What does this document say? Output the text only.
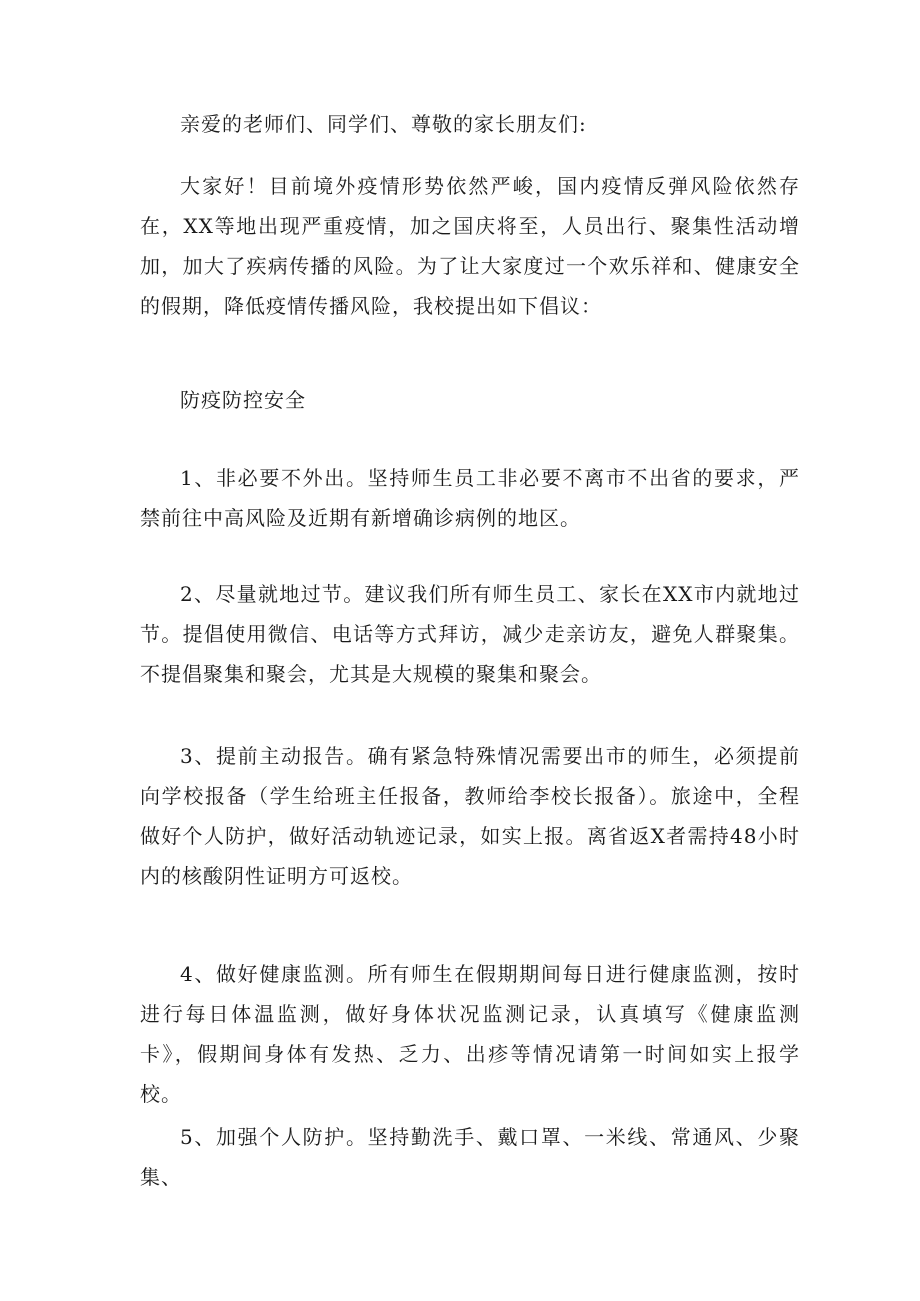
亲爱的老师们、同学们、尊敬的家长朋友们:

大家好！目前境外疫情形势依然严峻，国内疫情反弹风险依然存在，XX等地出现严重疫情，加之国庆将至，人员出行、聚集性活动增加，加大了疾病传播的风险。为了让大家度过一个欢乐祥和、健康安全的假期，降低疫情传播风险，我校提出如下倡议：

防疫防控安全

1、非必要不外出。坚持师生员工非必要不离市不出省的要求，严禁前往中高风险及近期有新增确诊病例的地区。

2、尽量就地过节。建议我们所有师生员工、家长在XX市内就地过节。提倡使用微信、电话等方式拜访，减少走亲访友，避免人群聚集。不提倡聚集和聚会，尤其是大规模的聚集和聚会。

3、提前主动报告。确有紧急特殊情况需要出市的师生，必须提前向学校报备（学生给班主任报备，教师给李校长报备）。旅途中，全程做好个人防护，做好活动轨迹记录，如实上报。离省返X者需持48小时内的核酸阴性证明方可返校。

4、做好健康监测。所有师生在假期期间每日进行健康监测，按时进行每日体温监测，做好身体状况监测记录，认真填写《健康监测卡》，假期间身体有发热、乏力、出疹等情况请第一时间如实上报学校。

5、加强个人防护。坚持勤洗手、戴口罩、一米线、常通风、少聚集、
